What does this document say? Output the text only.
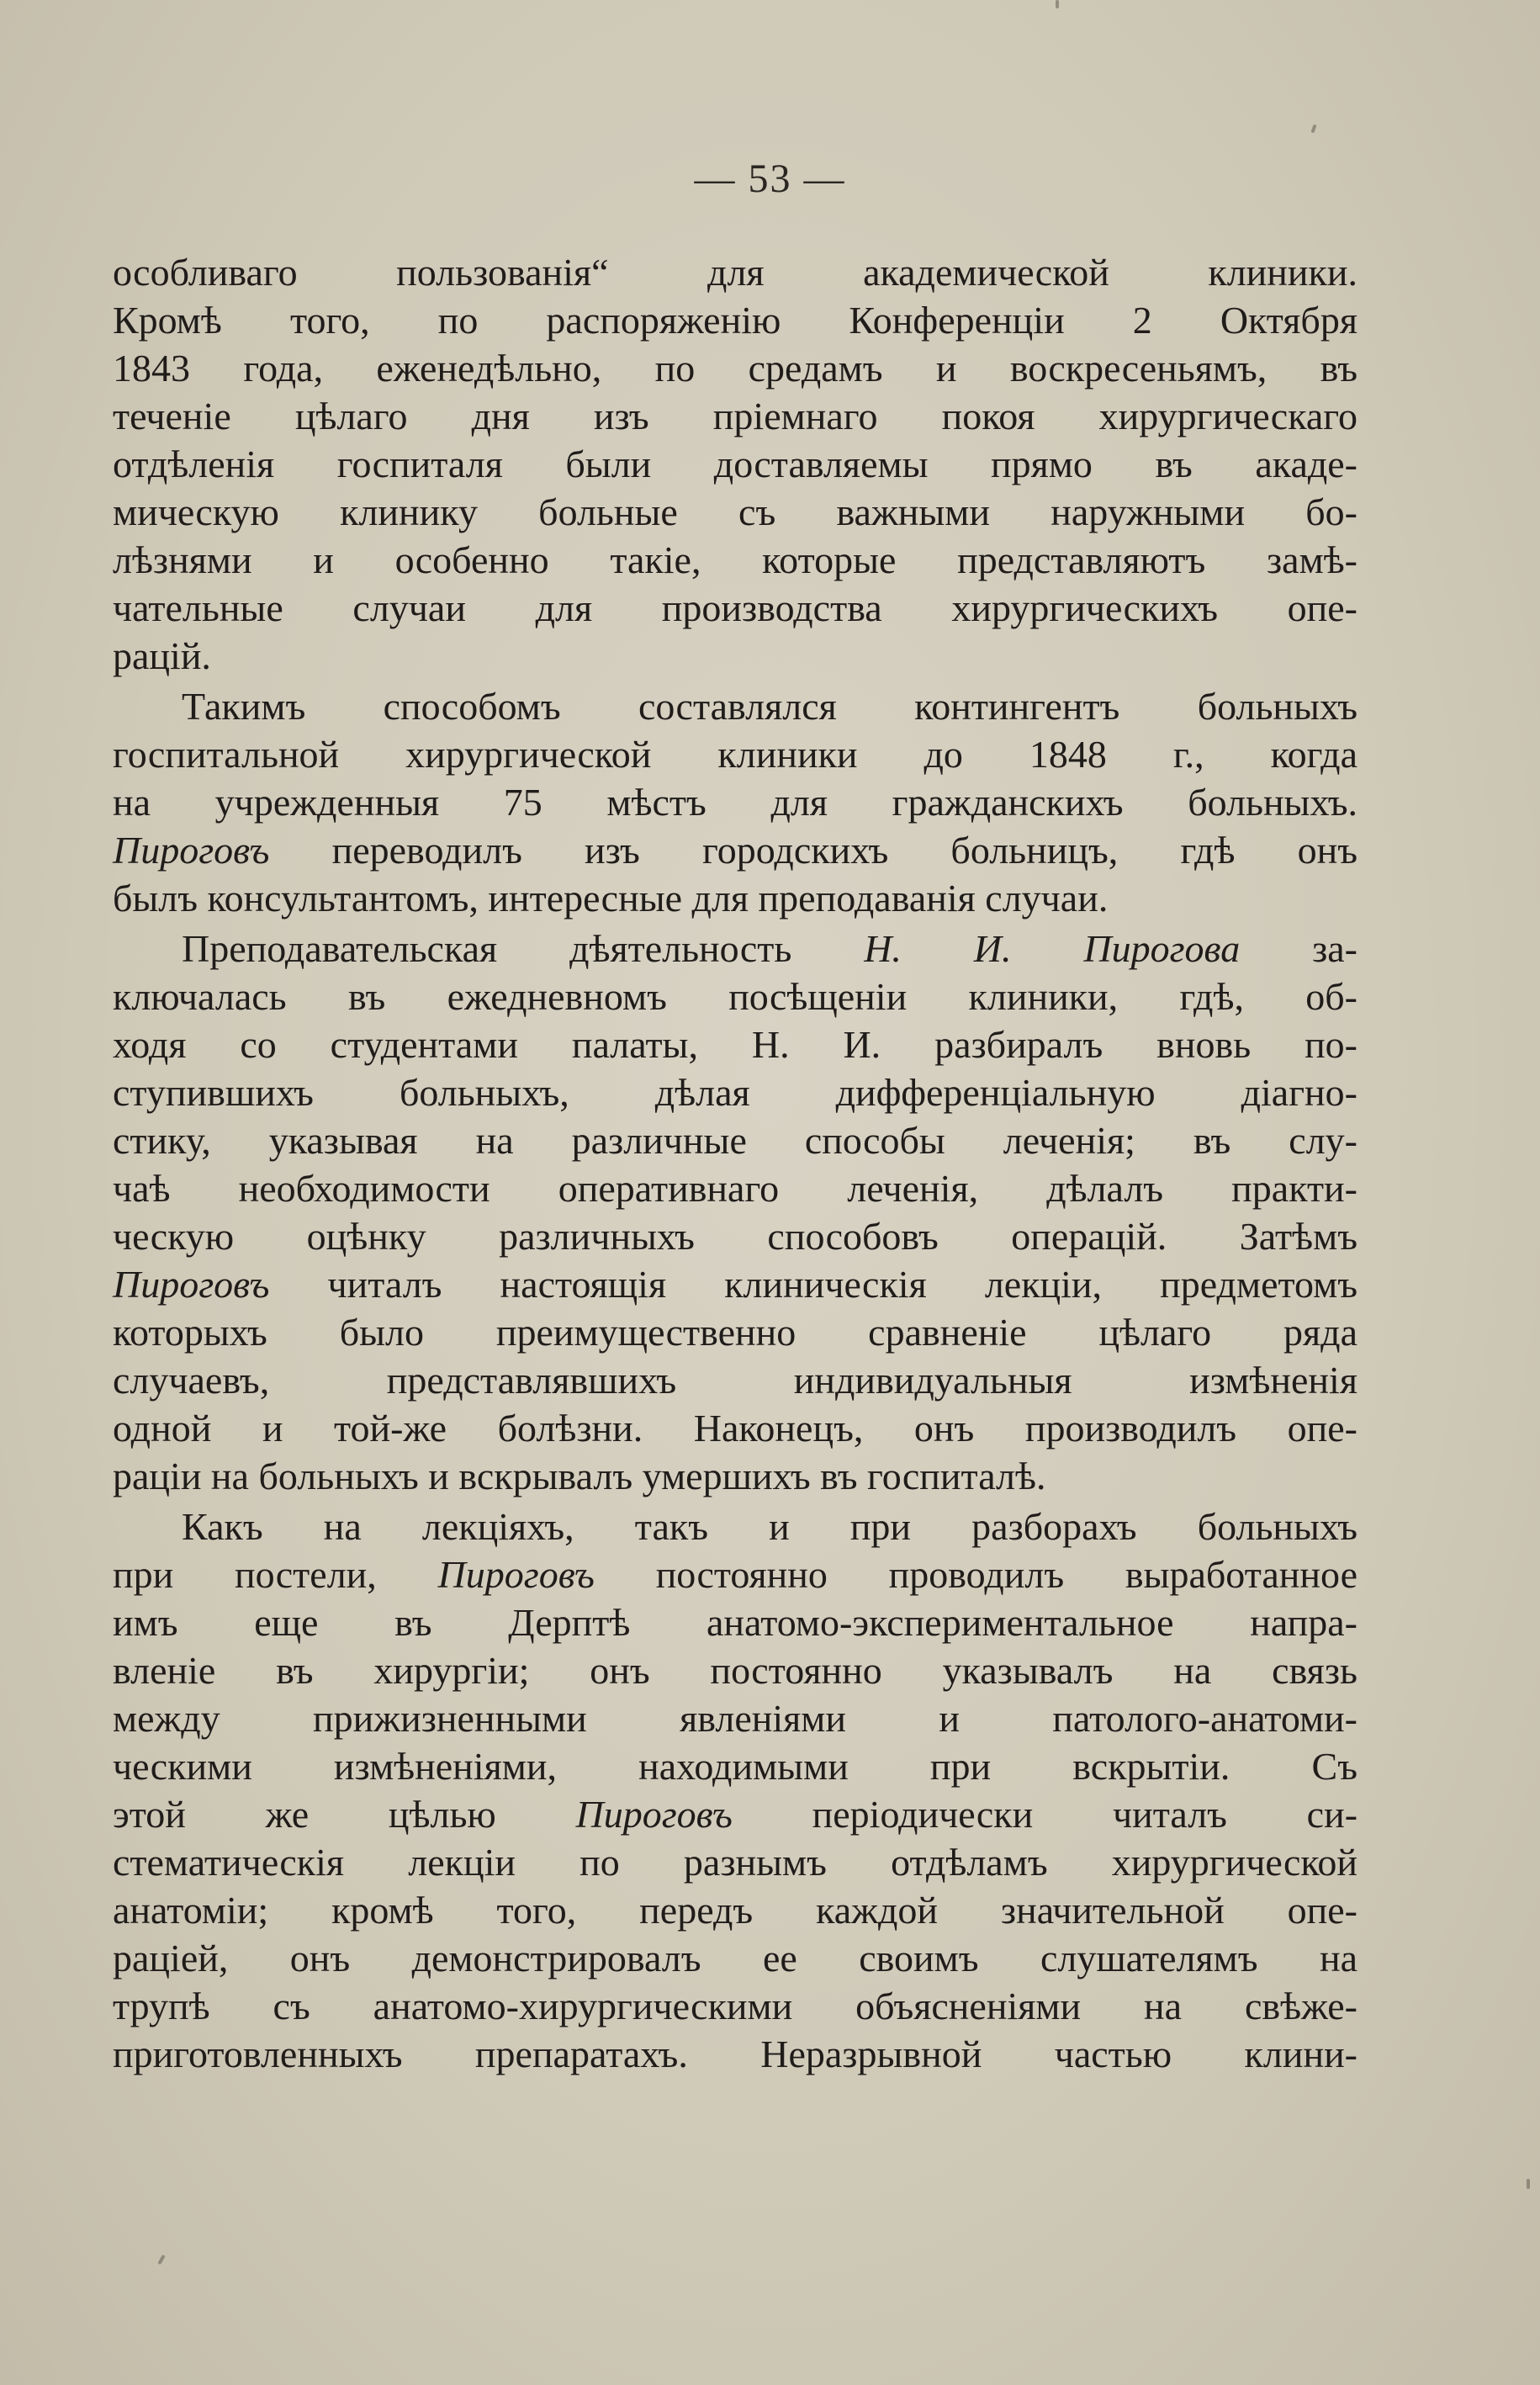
— 53 —
особливаго пользованія“ для академической клиники.
Кромѣ того, по распоряженію Конференціи 2 Октября
1843 года, еженедѣльно, по средамъ и воскресеньямъ, въ
теченіе цѣлаго дня изъ пріемнаго покоя хирургическаго
отдѣленія госпиталя были доставляемы прямо въ акаде-
мическую клинику больные съ важными наружными бо-
лѣзнями и особенно такіе, которые представляютъ замѣ-
чательные случаи для производства хирургическихъ опе-
рацій.
Такимъ способомъ составлялся контингентъ больныхъ
госпитальной хирургической клиники до 1848 г., когда
на учрежденныя 75 мѣстъ для гражданскихъ больныхъ.
Пироговъ переводилъ изъ городскихъ больницъ, гдѣ онъ
былъ консультантомъ, интересные для преподаванія случаи.
Преподавательская дѣятельность Н. И. Пирогова за-
ключалась въ ежедневномъ посѣщеніи клиники, гдѣ, об-
ходя со студентами палаты, Н. И. разбиралъ вновь по-
ступившихъ больныхъ, дѣлая дифференціальную діагно-
стику, указывая на различные способы леченія; въ слу-
чаѣ необходимости оперативнаго леченія, дѣлалъ практи-
ческую оцѣнку различныхъ способовъ операцій. Затѣмъ
Пироговъ читалъ настоящія клиническія лекціи, предметомъ
которыхъ было преимущественно сравненіе цѣлаго ряда
случаевъ, представлявшихъ индивидуальныя измѣненія
одной и той-же болѣзни. Наконецъ, онъ производилъ опе-
раціи на больныхъ и вскрывалъ умершихъ въ госпиталѣ.
Какъ на лекціяхъ, такъ и при разборахъ больныхъ
при постели, Пироговъ постоянно проводилъ выработанное
имъ еще въ Дерптѣ анатомо-экспериментальное напра-
вленіе въ хирургіи; онъ постоянно указывалъ на связь
между прижизненными явленіями и патолого-анатоми-
ческими измѣненіями, находимыми при вскрытіи. Съ
этой же цѣлью Пироговъ періодически читалъ си-
стематическія лекціи по разнымъ отдѣламъ хирургической
анатоміи; кромѣ того, передъ каждой значительной опе-
раціей, онъ демонстрировалъ ее своимъ слушателямъ на
трупѣ съ анатомо-хирургическими объясненіями на свѣже-
приготовленныхъ препаратахъ. Неразрывной частью клини-
